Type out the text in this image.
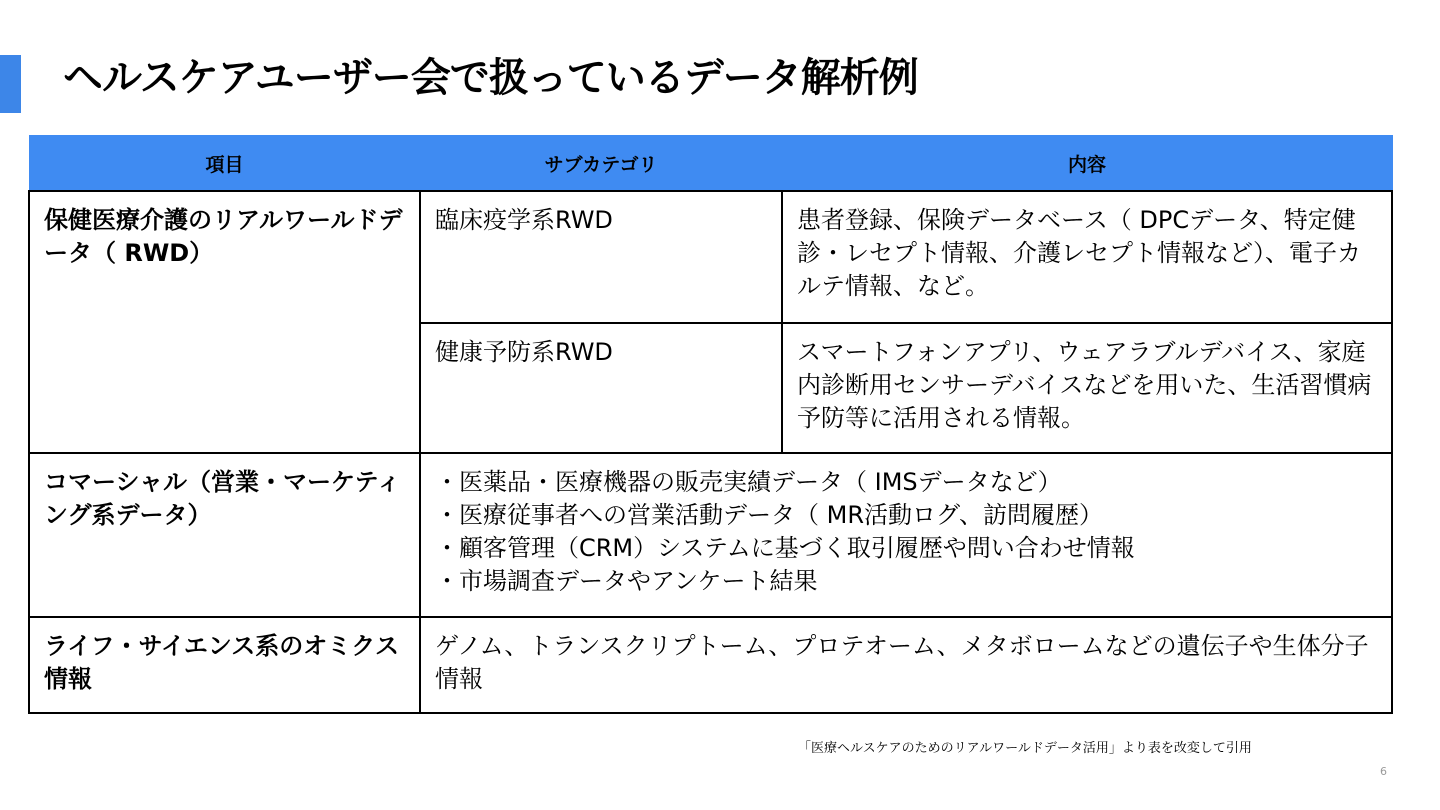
ヘルスケアユーザー会で扱っているデータ解析例
項目	サブカテゴリ	内容
保健医療介護のリアルワールドデータ（ RWD）	臨床疫学系RWD	患者登録、保険データベース（ DPCデータ、特定健診・レセプト情報、介護レセプト情報など）、電子カルテ情報、など。
	健康予防系RWD	スマートフォンアプリ、ウェアラブルデバイス、家庭内診断用センサーデバイスなどを用いた、生活習慣病予防等に活用される情報。
コマーシャル（営業・マーケティング系データ）	・医薬品・医療機器の販売実績データ（ IMSデータなど）
・医療従事者への営業活動データ（ MR活動ログ、訪問履歴）
・顧客管理（CRM）システムに基づく取引履歴や問い合わせ情報
・市場調査データやアンケート結果	

ライフ・サイエンス系のオミクス情報	ゲノム、トランスクリプトーム、プロテオーム、メタボロームなどの遺伝子や生体分子情報	
「医療ヘルスケアのためのリアルワールドデータ活用」より表を改変して引用
6
